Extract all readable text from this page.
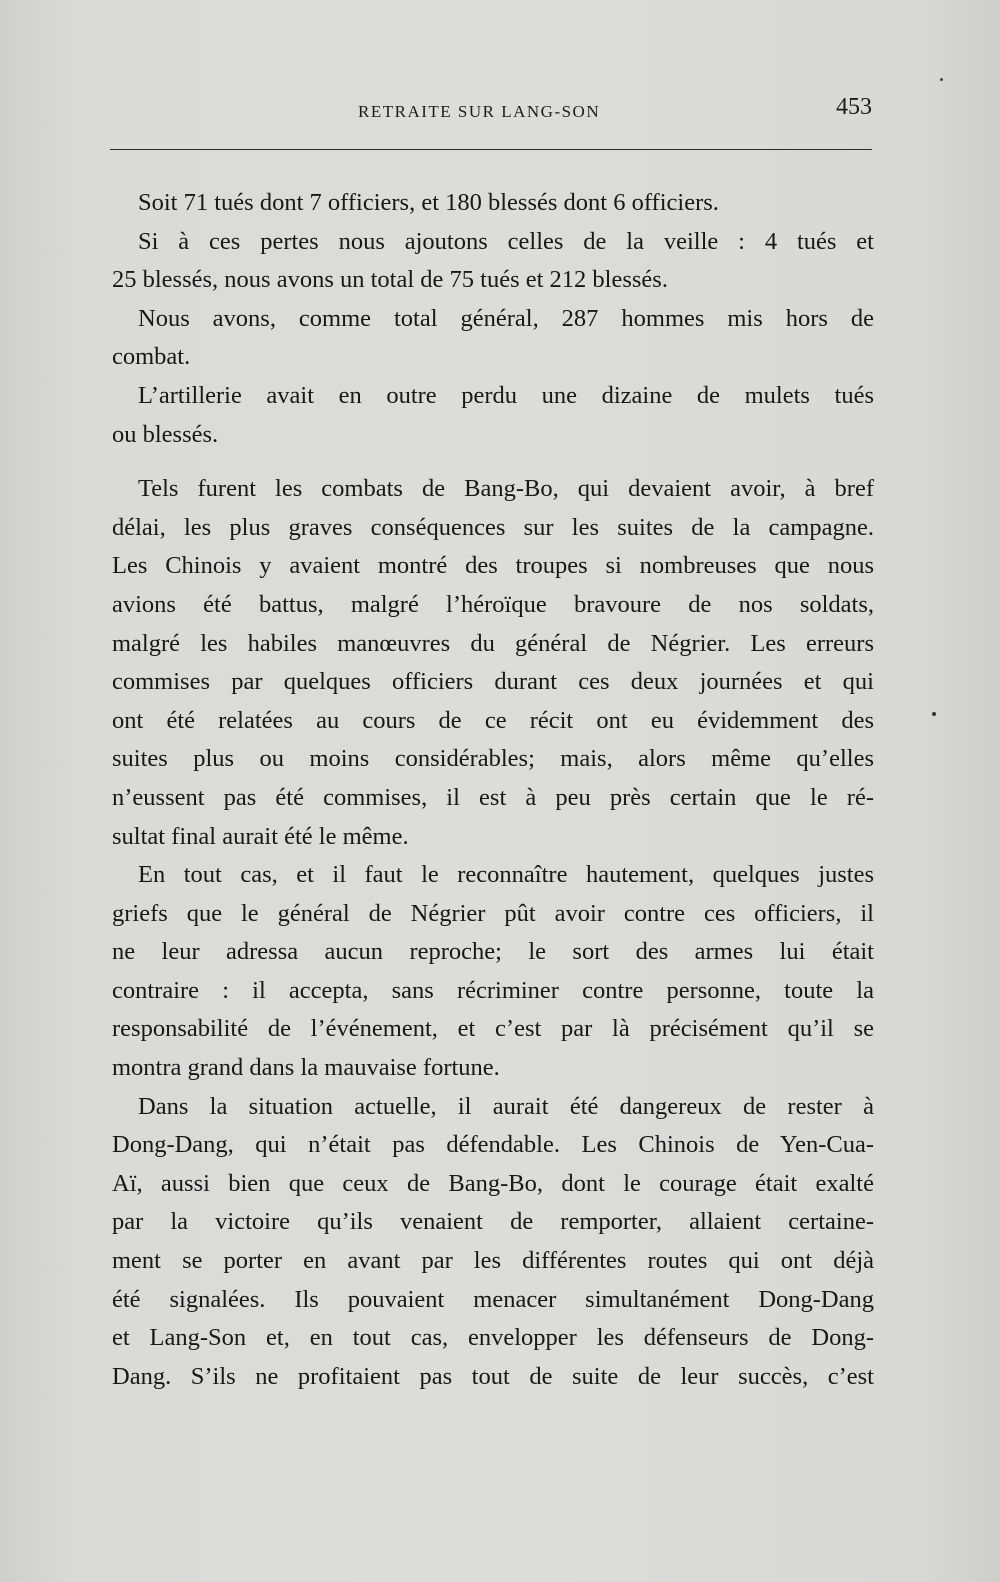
RETRAITE SUR LANG-SON	453
Soit 71 tués dont 7 officiers, et 180 blessés dont 6 officiers.
Si à ces pertes nous ajoutons celles de la veille : 4 tués et
25 blessés, nous avons un total de 75 tués et 212 blessés.
Nous avons, comme total général, 287 hommes mis hors de
combat.
L’artillerie avait en outre perdu une dizaine de mulets tués
ou blessés.
Tels furent les combats de Bang-Bo, qui devaient avoir, à bref
délai, les plus graves conséquences sur les suites de la campagne.
Les Chinois y avaient montré des troupes si nombreuses que nous
avions été battus, malgré l’héroïque bravoure de nos soldats,
malgré les habiles manœuvres du général de Négrier. Les erreurs
commises par quelques officiers durant ces deux journées et qui
ont été relatées au cours de ce récit ont eu évidemment des
suites plus ou moins considérables; mais, alors même qu’elles
n’eussent pas été commises, il est à peu près certain que le ré-
sultat final aurait été le même.
En tout cas, et il faut le reconnaître hautement, quelques justes
griefs que le général de Négrier pût avoir contre ces officiers, il
ne leur adressa aucun reproche; le sort des armes lui était
contraire : il accepta, sans récriminer contre personne, toute la
responsabilité de l’événement, et c’est par là précisément qu’il se
montra grand dans la mauvaise fortune.
Dans la situation actuelle, il aurait été dangereux de rester à
Dong-Dang, qui n’était pas défendable. Les Chinois de Yen-Cua-
Aï, aussi bien que ceux de Bang-Bo, dont le courage était exalté
par la victoire qu’ils venaient de remporter, allaient certaine-
ment se porter en avant par les différentes routes qui ont déjà
été signalées. Ils pouvaient menacer simultanément Dong-Dang
et Lang-Son et, en tout cas, envelopper les défenseurs de Dong-
Dang. S’ils ne profitaient pas tout de suite de leur succès, c’est
